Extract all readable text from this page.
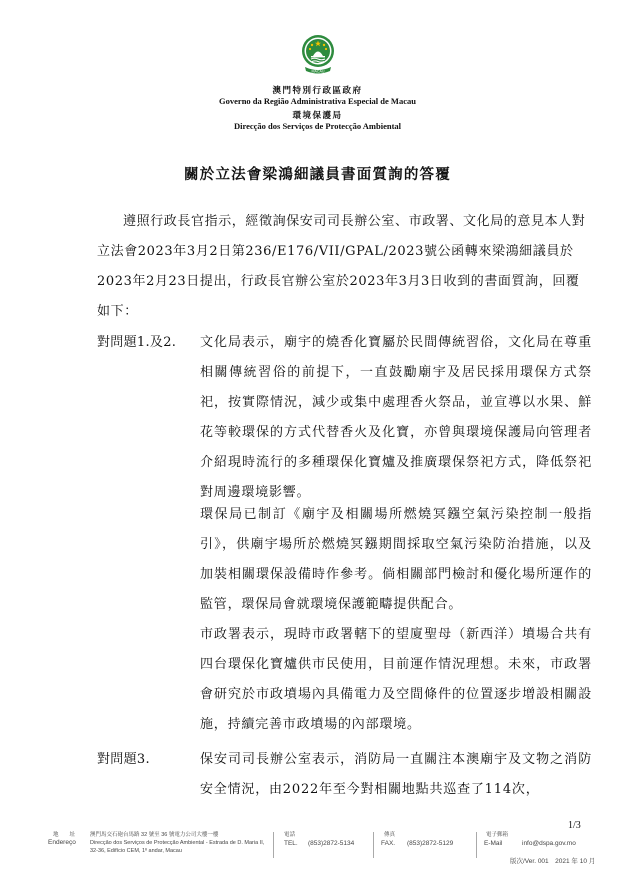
MACAU
澳門特別行政區政府
Governo da Região Administrativa Especial de Macau
環境保護局
Direcção dos Serviços de Protecção Ambiental
關於立法會梁鴻細議員書面質詢的答覆

遵照行政長官指示，經徵詢保安司司長辦公室、市政署、文化局的意見本人對立法會2023年3月2日第236/E176/VII/GPAL/2023號公函轉來梁鴻細議員於2023年2月23日提出，行政長官辦公室於2023年3月3日收到的書面質詢，回覆如下：

對問題1.及2. 文化局表示，廟宇的燒香化寶屬於民間傳統習俗，文化局在尊重相關傳統習俗的前提下，一直鼓勵廟宇及居民採用環保方式祭祀，按實際情況，減少或集中處理香火祭品，並宣導以水果、鮮花等較環保的方式代替香火及化寶，亦曾與環境保護局向管理者介紹現時流行的多種環保化寶爐及推廣環保祭祀方式，降低祭祀對周邊環境影響。

環保局已制訂《廟宇及相關場所燃燒冥鏹空氣污染控制一般指引》，供廟宇場所於燃燒冥鏹期間採取空氣污染防治措施，以及加裝相關環保設備時作參考。倘相關部門檢討和優化場所運作的監管，環保局會就環境保護範疇提供配合。

市政署表示，現時市政署轄下的望廈聖母（新西洋）墳場合共有四台環保化寶爐供市民使用，目前運作情況理想。未來，市政署會研究於市政墳場內具備電力及空間條件的位置逐步增設相關設施，持續完善市政墳場的內部環境。

對問題3.	保安司司長辦公室表示，消防局一直關注本澳廟宇及文物之消防安全情況，由2022年至今對相關地點共巡查了114次，

1/3
地　　址
Endereço
澳門馬交石砲台馬路 32 號至 36 號電力公司大樓一樓
Direcção dos Serviços de Protecção Ambiental - Estrada de D. Maria II,
32-36, Edifício CEM, 1º andar, Macau
電話
TEL. (853)2872-5134
傳真
FAX. (853)2872-5129
電子郵箱
E-Mail	info@dspa.gov.mo
版次/Ver. 001　2021 年 10 月
